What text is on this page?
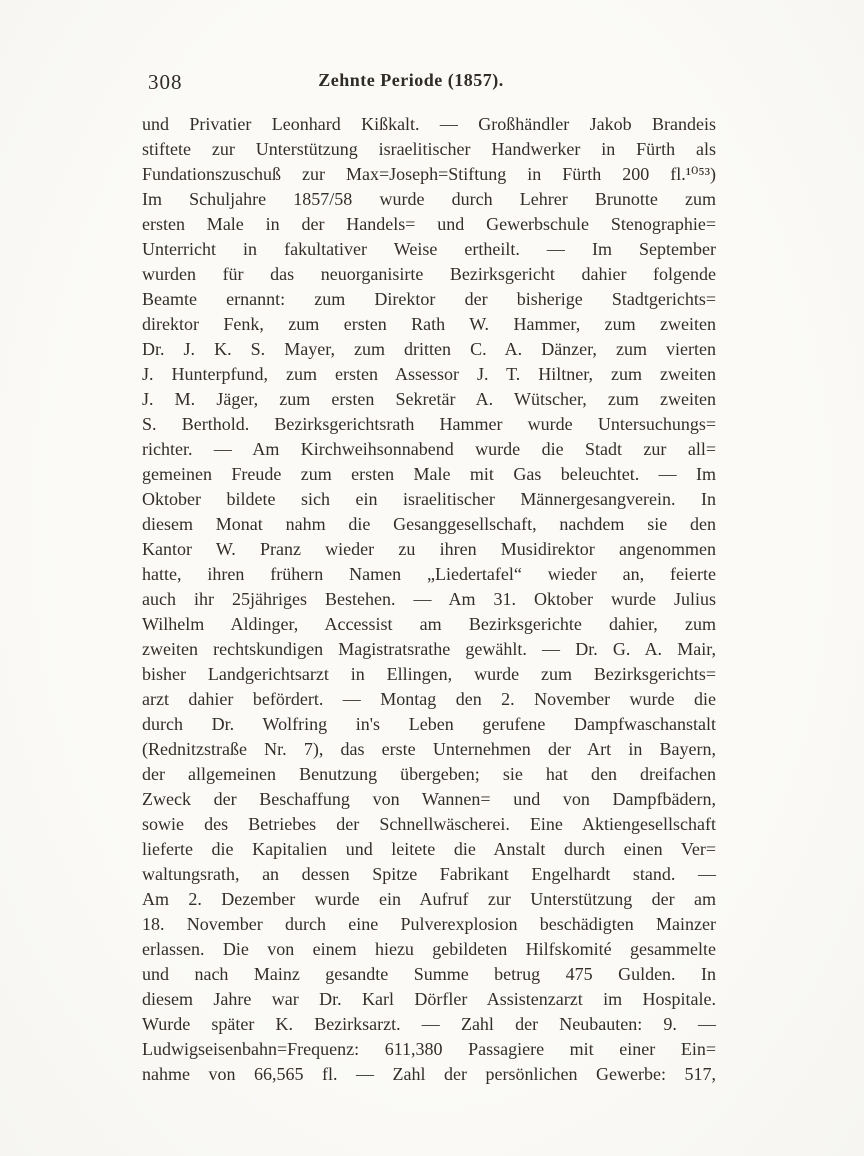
308	Zehnte Periode (1857).
und Privatier Leonhard Kißkalt. — Großhändler Jakob Brandeis
stiftete zur Unterstützung israelitischer Handwerker in Fürth als
Fundationszuschuß zur Max=Joseph=Stiftung in Fürth 200 fl.¹⁰⁵³)
Im Schuljahre 1857/58 wurde durch Lehrer Brunotte zum
ersten Male in der Handels= und Gewerbschule Stenographie=
Unterricht in fakultativer Weise ertheilt. — Im September
wurden für das neuorganisirte Bezirksgericht dahier folgende
Beamte ernannt: zum Direktor der bisherige Stadtgerichts=
direktor Fenk, zum ersten Rath W. Hammer, zum zweiten
Dr. J. K. S. Mayer, zum dritten C. A. Dänzer, zum vierten
J. Hunterpfund, zum ersten Assessor J. T. Hiltner, zum zweiten
J. M. Jäger, zum ersten Sekretär A. Wütscher, zum zweiten
S. Berthold. Bezirksgerichtsrath Hammer wurde Untersuchungs=
richter. — Am Kirchweihsonnabend wurde die Stadt zur all=
gemeinen Freude zum ersten Male mit Gas beleuchtet. — Im
Oktober bildete sich ein israelitischer Männergesangverein. In
diesem Monat nahm die Gesanggesellschaft, nachdem sie den
Kantor W. Pranz wieder zu ihren Musidirektor angenommen
hatte, ihren frühern Namen „Liedertafel“ wieder an, feierte
auch ihr 25jähriges Bestehen. — Am 31. Oktober wurde Julius
Wilhelm Aldinger, Accessist am Bezirksgerichte dahier, zum
zweiten rechtskundigen Magistratsrathe gewählt. — Dr. G. A. Mair,
bisher Landgerichtsarzt in Ellingen, wurde zum Bezirksgerichts=
arzt dahier befördert. — Montag den 2. November wurde die
durch Dr. Wolfring in's Leben gerufene Dampfwaschanstalt
(Rednitzstraße Nr. 7), das erste Unternehmen der Art in Bayern,
der allgemeinen Benutzung übergeben; sie hat den dreifachen
Zweck der Beschaffung von Wannen= und von Dampfbädern,
sowie des Betriebes der Schnellwäscherei. Eine Aktiengesellschaft
lieferte die Kapitalien und leitete die Anstalt durch einen Ver=
waltungsrath, an dessen Spitze Fabrikant Engelhardt stand. —
Am 2. Dezember wurde ein Aufruf zur Unterstützung der am
18. November durch eine Pulverexplosion beschädigten Mainzer
erlassen. Die von einem hiezu gebildeten Hilfskomité gesammelte
und nach Mainz gesandte Summe betrug 475 Gulden. In
diesem Jahre war Dr. Karl Dörfler Assistenzarzt im Hospitale.
Wurde später K. Bezirksarzt. — Zahl der Neubauten: 9. —
Ludwigseisenbahn=Frequenz: 611,380 Passagiere mit einer Ein=
nahme von 66,565 fl. — Zahl der persönlichen Gewerbe: 517,
